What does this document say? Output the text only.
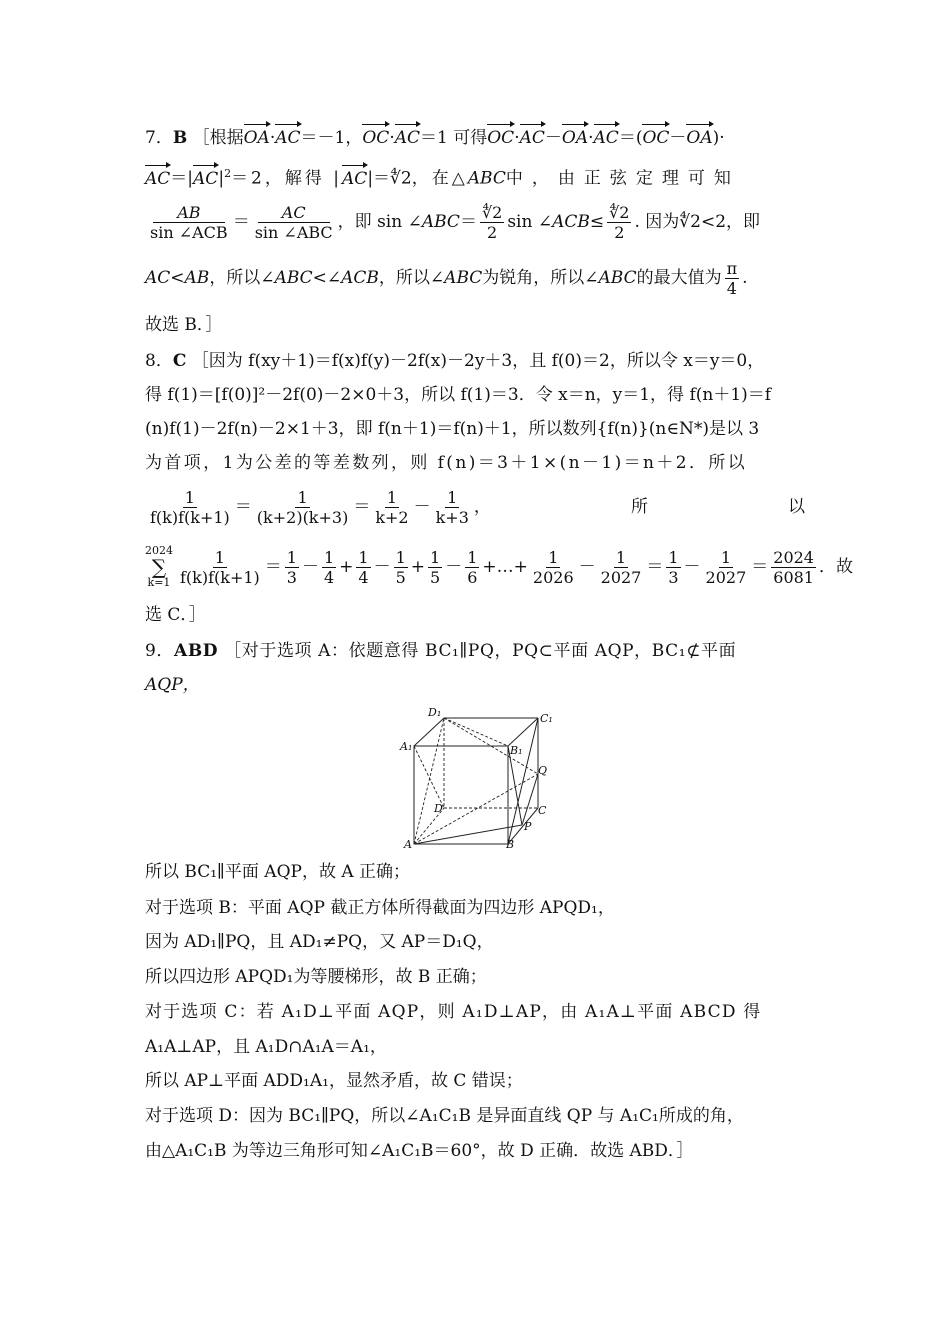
7．B ［根据OA·AC＝－1，OC·AC＝1 可得OC·AC－OA·AC＝(OC－OA)·
$AC=|AC|^2=2$，解得 |AC|＝∜2，在△ABC中，由正弦定理可知
$\frac{AB}{\text{sin ∠ACB}} = \frac{AC}{\text{sin ∠ABC}}$ ，即 sin ∠ ABC ＝ $\frac{∜2}{2}$ sin ∠ ACB ≤ $\frac{∜2}{2}$ . 因为 ∜2 <2，即
AC<AB ，所以∠ ABC<∠ACB ，所以∠ ABC 为锐角，所以∠ ABC 的最大值为 $\frac{\pi}{4}$ .
故选 B．］
8．C ［因为 f(xy＋1)＝f(x)f(y)－2f(x)－2y＋3，且 f(0)＝2，所以令 x＝y＝0，
得 f(1)＝[f(0)]²－2f(0)－2×0＋3，所以 f(1)＝3．令 x＝n，y＝1，得 f(n＋1)＝f
(n)f(1)－2f(n)－2×1＋3，即 f(n＋1)＝f(n)＋1，所以数列{f(n)}(n∈N*)是以 3
为首项，1为公差的等差数列，则 f(n)＝3＋1×(n－1)＝n＋2．所以
$\frac{1}{f(k)f(k+1)} = \frac{1}{(k+2)(k+3)} = \frac{1}{k+2} - \frac{1}{k+3}$ ，	所	以
2024
∑
$k=1 \frac{1}{f(k)f(k+1)} = \frac{1}{3} - \frac{1}{4} + \frac{1}{4} - \frac{1}{5} + \frac{1}{5} - \frac{1}{6}$ +…+ $\frac{1}{2026} - \frac{1}{2027} = \frac{1}{3} - \frac{1}{2027} = \frac{2024}{6081}$ ． 故
选 C．］
9．ABD ［对于选项 A：依题意得 BC₁∥PQ，PQ⊂平面 AQP，BC₁⊄平面
AQP，
D₁	C₁
A₁	B₁
Q
D	C
P
A	B
所以 BC₁∥平面 AQP，故 A 正确；
对于选项 B：平面 AQP 截正方体所得截面为四边形 APQD₁，
因为 AD₁∥PQ，且 AD₁≠PQ，又 AP＝D₁Q，
所以四边形 APQD₁为等腰梯形，故 B 正确；
对于选项 C：若 A₁D⊥平面 AQP，则 A₁D⊥AP，由 A₁A⊥平面 ABCD 得
A₁A⊥AP，且 A₁D∩A₁A＝A₁，
所以 AP⊥平面 ADD₁A₁，显然矛盾，故 C 错误；
对于选项 D：因为 BC₁∥PQ，所以∠A₁C₁B 是异面直线 QP 与 A₁C₁所成的角，
由△A₁C₁B 为等边三角形可知∠A₁C₁B＝60°，故 D 正确．故选 ABD．］
